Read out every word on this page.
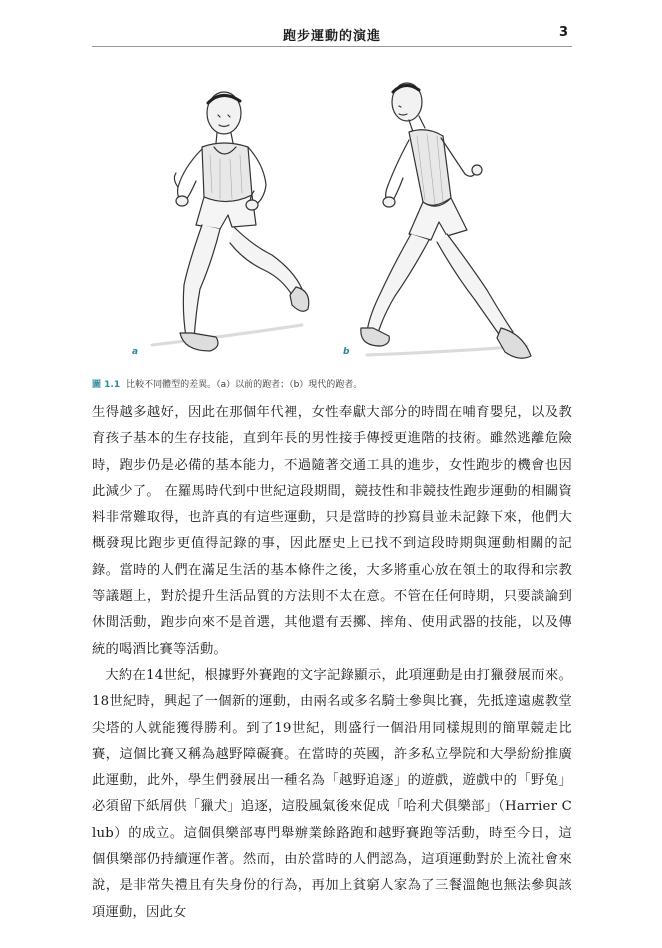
跑步運動的演進	3
a	b
圖 1.1 比較不同體型的差異。（a）以前的跑者；（b）現代的跑者。

生得越多越好，因此在那個年代裡，女性奉獻大部分的時間在哺育嬰兒，以及教育孩子基本的生存技能，直到年長的男性接手傳授更進階的技術。雖然逃離危險時，跑步仍是必備的基本能力，不過隨著交通工具的進步，女性跑步的機會也因此減少了。 在羅馬時代到中世紀這段期間，競技性和非競技性跑步運動的相關資料非常難取得，也許真的有這些運動，只是當時的抄寫員並未記錄下來，他們大概發現比跑步更值得記錄的事，因此歷史上已找不到這段時期與運動相關的記錄。當時的人們在滿足生活的基本條件之後，大多將重心放在領土的取得和宗教等議題上，對於提升生活品質的方法則不太在意。不管在任何時期，只要談論到休閒活動，跑步向來不是首選，其他還有丟擲、摔角、使用武器的技能，以及傳統的喝酒比賽等活動。

大約在14世紀，根據野外賽跑的文字記錄顯示，此項運動是由打獵發展而來。18世紀時，興起了一個新的運動，由兩名或多名騎士參與比賽，先抵達遠處教堂尖塔的人就能獲得勝利。到了19世紀，則盛行一個沿用同樣規則的簡單競走比賽，這個比賽又稱為越野障礙賽。在當時的英國，許多私立學院和大學紛紛推廣此運動，此外，學生們發展出一種名為「越野追逐」的遊戲，遊戲中的「野兔」必須留下紙屑供「獵犬」追逐，這股風氣後來促成「哈利犬俱樂部」（Harrier Club）的成立。這個俱樂部專門舉辦業餘路跑和越野賽跑等活動，時至今日，這個俱樂部仍持續運作著。然而，由於當時的人們認為，這項運動對於上流社會來說，是非常失禮且有失身份的行為，再加上貧窮人家為了三餐溫飽也無法參與該項運動，因此女
